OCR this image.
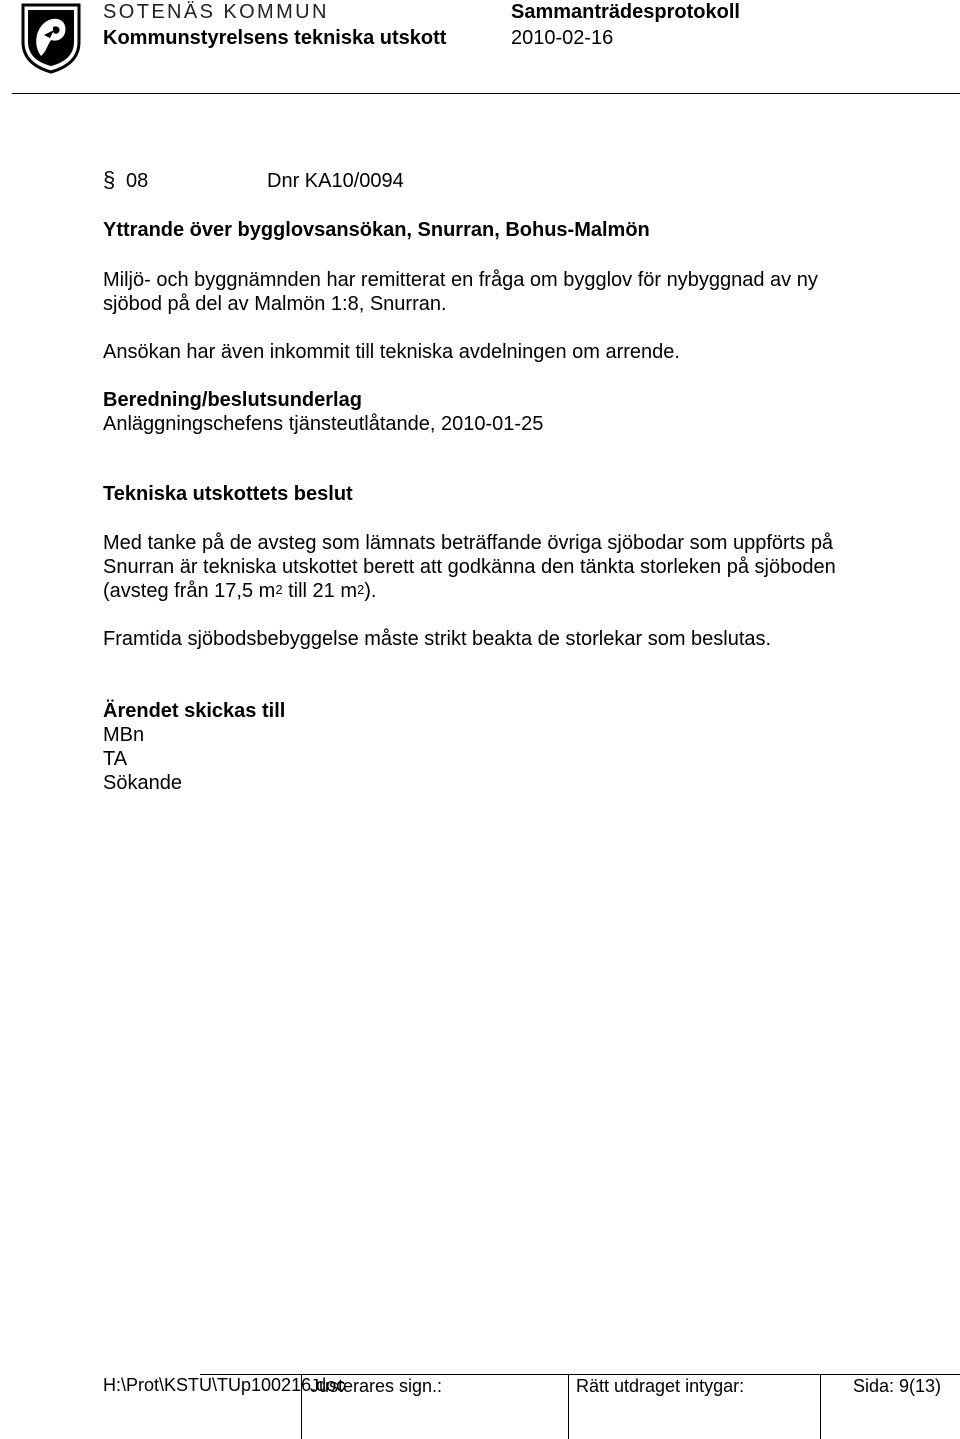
SOTENÄS KOMMUN
Kommunstyrelsens tekniska utskott
Sammanträdesprotokoll
2010-02-16
§ 08	Dnr KA10/0094
Yttrande över bygglovsansökan, Snurran, Bohus-Malmön
Miljö- och byggnämnden har remitterat en fråga om bygglov för nybyggnad av ny
sjöbod på del av Malmön 1:8, Snurran.
Ansökan har även inkommit till tekniska avdelningen om arrende.
Beredning/beslutsunderlag
Anläggningschefens tjänsteutlåtande, 2010-01-25
Tekniska utskottets beslut
Med tanke på de avsteg som lämnats beträffande övriga sjöbodar som uppförts på
Snurran är tekniska utskottet berett att godkänna den tänkta storleken på sjöboden
(avsteg från 17,5 $m^2$ till 21 $m^2$).
Framtida sjöbodsbebyggelse måste strikt beakta de storlekar som beslutas.
Ärendet skickas till
MBn
TA
Sökande
H:\Prot\KSTU\TUp100216.doc
Justerares sign.:	Rätt utdraget intygar:	Sida: 9(13)
